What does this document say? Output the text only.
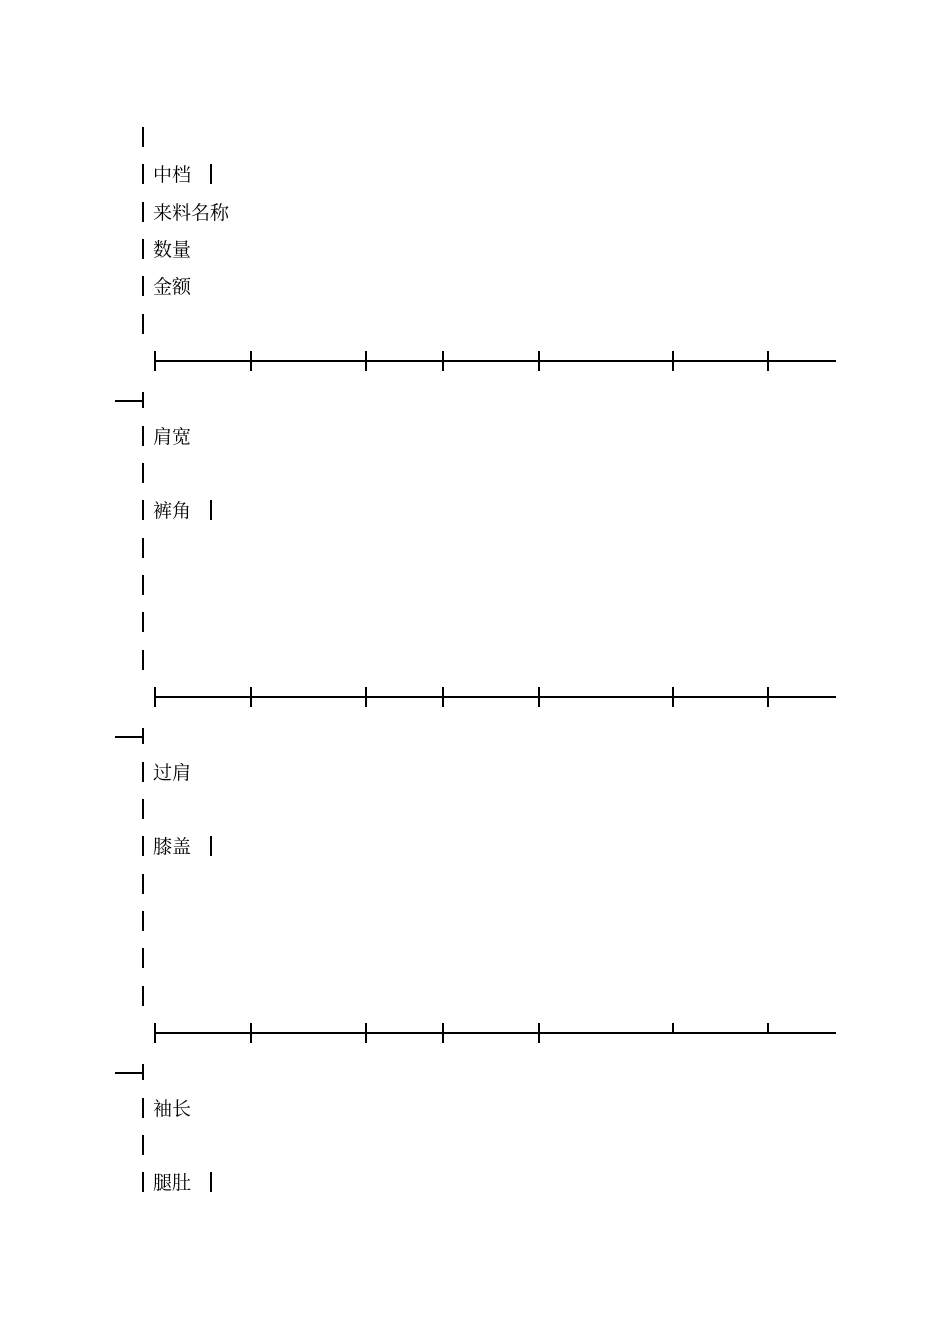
中档
来料名称
数量
金额
肩宽
裤角
过肩
膝盖
袖长
腿肚
